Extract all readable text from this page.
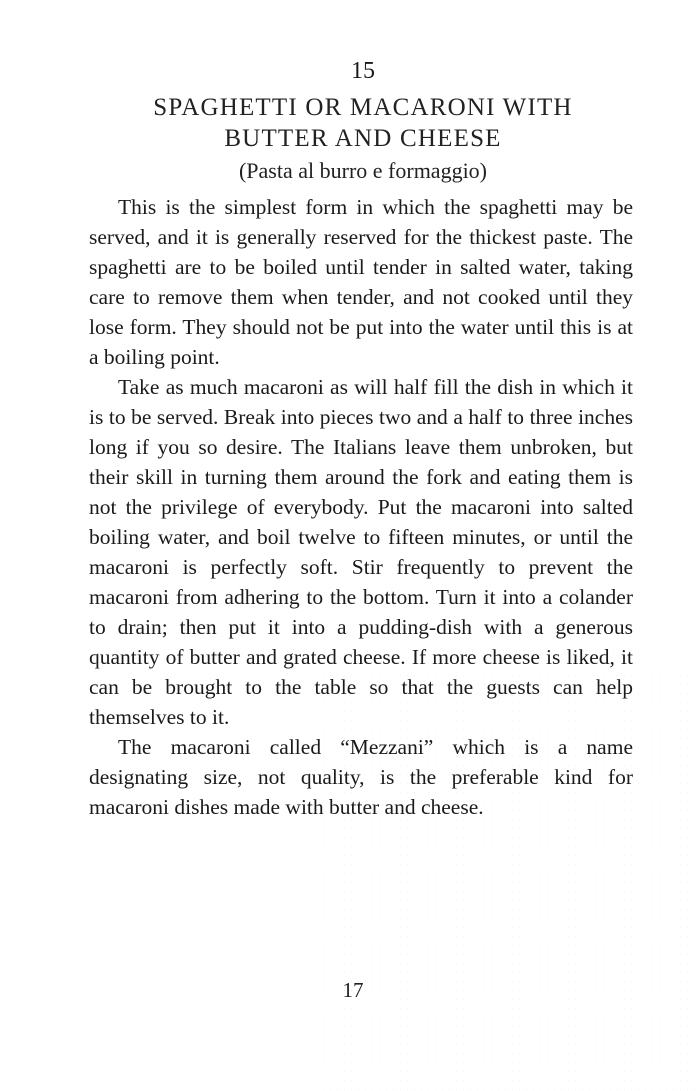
15
SPAGHETTI OR MACARONI WITH
BUTTER AND CHEESE
(Pasta al burro e formaggio)

This is the simplest form in which the spaghetti may be served, and it is generally reserved for the thickest paste. The spaghetti are to be boiled until tender in salted water, taking care to remove them when tender, and not cooked until they lose form. They should not be put into the water until this is at a boiling point.

Take as much macaroni as will half fill the dish in which it is to be served. Break into pieces two and a half to three inches long if you so desire. The Italians leave them unbroken, but their skill in turning them around the fork and eating them is not the privilege of everybody. Put the macaroni into salted boiling water, and boil twelve to fifteen minutes, or until the macaroni is perfectly soft. Stir frequently to prevent the macaroni from adhering to the bottom. Turn it into a colander to drain; then put it into a pudding-dish with a generous quantity of butter and grated cheese. If more cheese is liked, it can be brought to the table so that the guests can help themselves to it.

The macaroni called “Mezzani” which is a name designating size, not quality, is the preferable kind for macaroni dishes made with butter and cheese.

17
